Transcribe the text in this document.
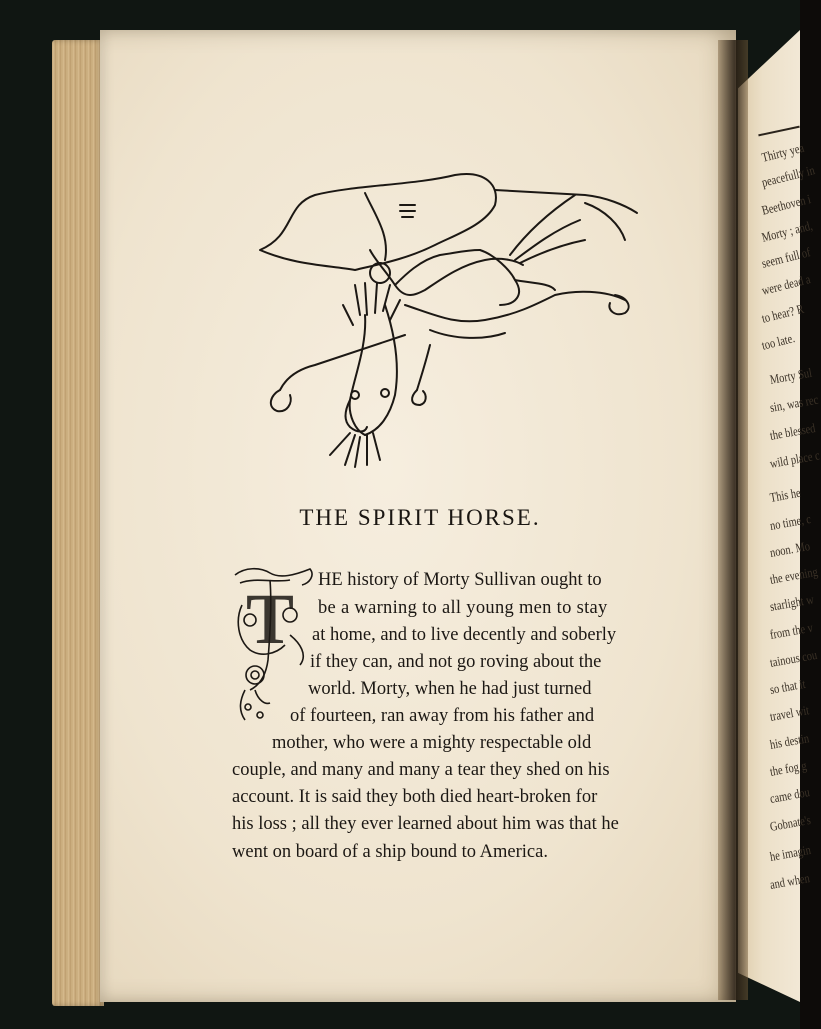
THE SPIRIT HORSE.
T HE history of Morty Sullivan ought to
be a warning to all young men to stay
at home, and to live decently and soberly
if they can, and not go roving about the
world. Morty, when he had just turned
of fourteen, ran away from his father and
mother, who were a mighty respectable old
couple, and many and many a tear they shed on his
account. It is said they both died heart-broken for
his loss ; all they ever learned about him was that he
went on board of a ship bound to America.
Thirty yea
peacefully in
Beethoven i
Morty ; and,
seem full of
were dead a
to hear? R
too late.
Morty Sul
sin, was rec
the blessed
wild place c
This he
no time, c
noon. Mo
the evening
starlight w
from the v
tainous cou
so that it
travel wit
his destin
the fog g
came dou
Gobnate's
he imagin
and when
